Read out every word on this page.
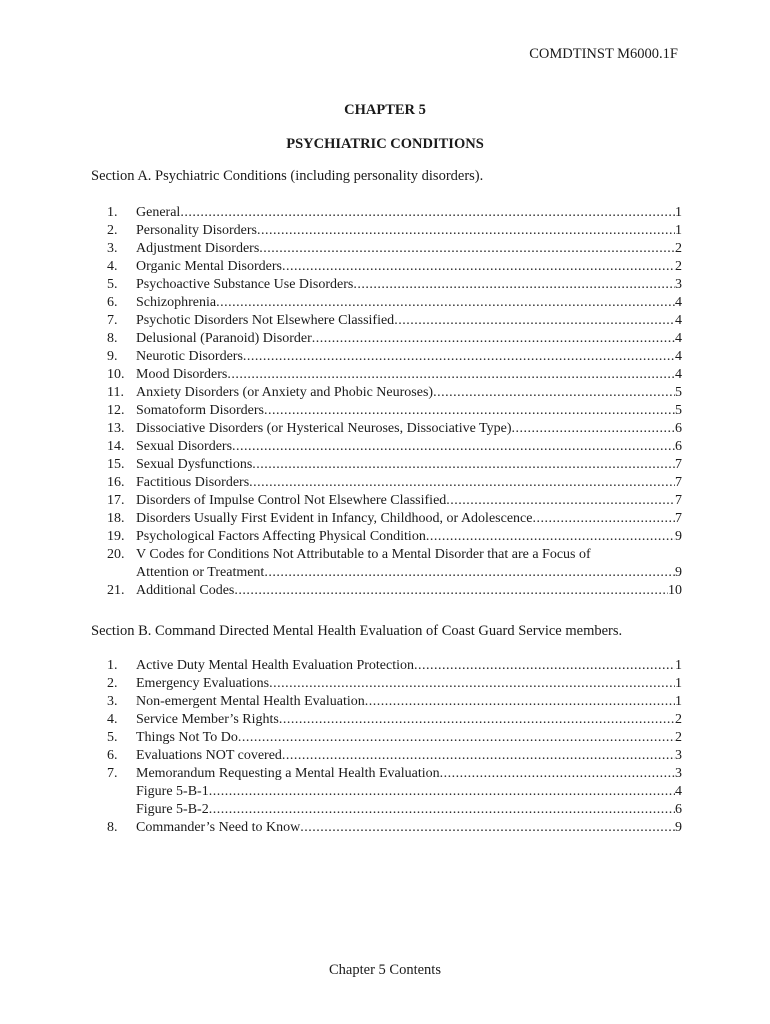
COMDTINST M6000.1F
CHAPTER 5
PSYCHIATRIC CONDITIONS
Section A. Psychiatric Conditions (including personality disorders).
1.	General .....	1
2.	Personality Disorders .....	1
3.	Adjustment Disorders .....	2
4.	Organic Mental Disorders .....	2
5.	Psychoactive Substance Use Disorders .....	3
6.	Schizophrenia .....	4
7.	Psychotic Disorders Not Elsewhere Classified .....	4
8.	Delusional (Paranoid) Disorder .....	4
9.	Neurotic Disorders .....	4
10. Mood Disorders .....	4
11. Anxiety Disorders (or Anxiety and Phobic Neuroses) .....	5
12. Somatoform Disorders .....	5
13. Dissociative Disorders (or Hysterical Neuroses, Dissociative Type) .....	6
14. Sexual Disorders .....	6
15. Sexual Dysfunctions .....	7
16. Factitious Disorders .....	7
17. Disorders of Impulse Control Not Elsewhere Classified .....	7
18. Disorders Usually First Evident in Infancy, Childhood, or Adolescence .....	7
19. Psychological Factors Affecting Physical Condition .....	9
20. V Codes for Conditions Not Attributable to a Mental Disorder that are a Focus of
Attention or Treatment .....	9
21. Additional Codes .....	10
Section B. Command Directed Mental Health Evaluation of Coast Guard Service members.
1.	Active Duty Mental Health Evaluation Protection .....	1
2.	Emergency Evaluations .....	1
3.	Non-emergent Mental Health Evaluation .....	1
4.	Service Member’s Rights .....	2
5.	Things Not To Do .....	2
6.	Evaluations NOT covered .....	3
7.	Memorandum Requesting a Mental Health Evaluation .....	3
Figure 5-B-1 .....	4
Figure 5-B-2 .....	6
8.	Commander’s Need to Know .....	9
Chapter 5 Contents
